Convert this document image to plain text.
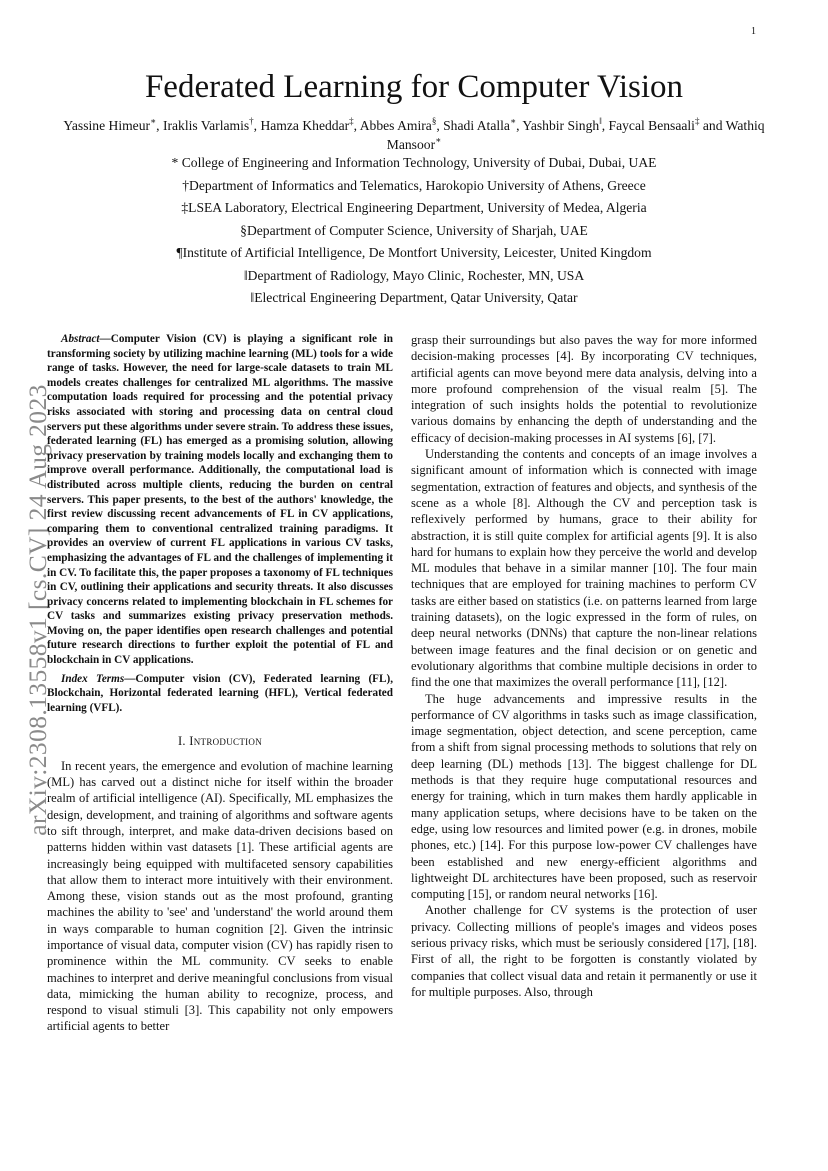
1
arXiv:2308.13558v1 [cs.CV] 24 Aug 2023
Federated Learning for Computer Vision
Yassine Himeur∗, Iraklis Varlamis†, Hamza Kheddar‡, Abbes Amira§, Shadi Atalla∗, Yashbir Singh‖, Faycal Bensaali‡ and Wathiq Mansoor∗
* College of Engineering and Information Technology, University of Dubai, Dubai, UAE
†Department of Informatics and Telematics, Harokopio University of Athens, Greece
‡LSEA Laboratory, Electrical Engineering Department, University of Medea, Algeria
§Department of Computer Science, University of Sharjah, UAE
¶Institute of Artificial Intelligence, De Montfort University, Leicester, United Kingdom
‖Department of Radiology, Mayo Clinic, Rochester, MN, USA
‖Electrical Engineering Department, Qatar University, Qatar

Abstract—Computer Vision (CV) is playing a significant role in transforming society by utilizing machine learning (ML) tools for a wide range of tasks. However, the need for large-scale datasets to train ML models creates challenges for centralized ML algorithms. The massive computation loads required for processing and the potential privacy risks associated with storing and processing data on central cloud servers put these algorithms under severe strain. To address these issues, federated learning (FL) has emerged as a promising solution, allowing privacy preservation by training models locally and exchanging them to improve overall performance. Additionally, the computational load is distributed across multiple clients, reducing the burden on central servers. This paper presents, to the best of the authors' knowledge, the first review discussing recent advancements of FL in CV applications, comparing them to conventional centralized training paradigms. It provides an overview of current FL applications in various CV tasks, emphasizing the advantages of FL and the challenges of implementing it in CV. To facilitate this, the paper proposes a taxonomy of FL techniques in CV, outlining their applications and security threats. It also discusses privacy concerns related to implementing blockchain in FL schemes for CV tasks and summarizes existing privacy preservation methods. Moving on, the paper identifies open research challenges and potential future research directions to further exploit the potential of FL and blockchain in CV applications.

Index Terms—Computer vision (CV), Federated learning (FL), Blockchain, Horizontal federated learning (HFL), Vertical federated learning (VFL).

I. Introduction

In recent years, the emergence and evolution of machine learning (ML) has carved out a distinct niche for itself within the broader realm of artificial intelligence (AI). Specifically, ML emphasizes the design, development, and training of algorithms and software agents to sift through, interpret, and make data-driven decisions based on patterns hidden within vast datasets [1]. These artificial agents are increasingly being equipped with multifaceted sensory capabilities that allow them to interact more intuitively with their environment. Among these, vision stands out as the most profound, granting machines the ability to 'see' and 'understand' the world around them in ways comparable to human cognition [2]. Given the intrinsic importance of visual data, computer vision (CV) has rapidly risen to prominence within the ML community. CV seeks to enable machines to interpret and derive meaningful conclusions from visual data, mimicking the human ability to recognize, process, and respond to visual stimuli [3]. This capability not only empowers artificial agents to better

grasp their surroundings but also paves the way for more informed decision-making processes [4]. By incorporating CV techniques, artificial agents can move beyond mere data analysis, delving into a more profound comprehension of the visual realm [5]. The integration of such insights holds the potential to revolutionize various domains by enhancing the depth of understanding and the efficacy of decision-making processes in AI systems [6], [7].

Understanding the contents and concepts of an image involves a significant amount of information which is connected with image segmentation, extraction of features and objects, and synthesis of the scene as a whole [8]. Although the CV and perception task is reflexively performed by humans, grace to their ability for abstraction, it is still quite complex for artificial agents [9]. It is also hard for humans to explain how they perceive the world and develop ML modules that behave in a similar manner [10]. The four main techniques that are employed for training machines to perform CV tasks are either based on statistics (i.e. on patterns learned from large training datasets), on the logic expressed in the form of rules, on deep neural networks (DNNs) that capture the non-linear relations between image features and the final decision or on genetic and evolutionary algorithms that combine multiple decisions in order to find the one that maximizes the overall performance [11], [12].

The huge advancements and impressive results in the performance of CV algorithms in tasks such as image classification, image segmentation, object detection, and scene perception, came from a shift from signal processing methods to solutions that rely on deep learning (DL) methods [13]. The biggest challenge for DL methods is that they require huge computational resources and energy for training, which in turn makes them hardly applicable in many application setups, where decisions have to be taken on the edge, using low resources and limited power (e.g. in drones, mobile phones, etc.) [14]. For this purpose low-power CV challenges have been established and new energy-efficient algorithms and lightweight DL architectures have been proposed, such as reservoir computing [15], or random neural networks [16].

Another challenge for CV systems is the protection of user privacy. Collecting millions of people's images and videos poses serious privacy risks, which must be seriously considered [17], [18]. First of all, the right to be forgotten is constantly violated by companies that collect visual data and retain it permanently or use it for multiple purposes. Also, through
